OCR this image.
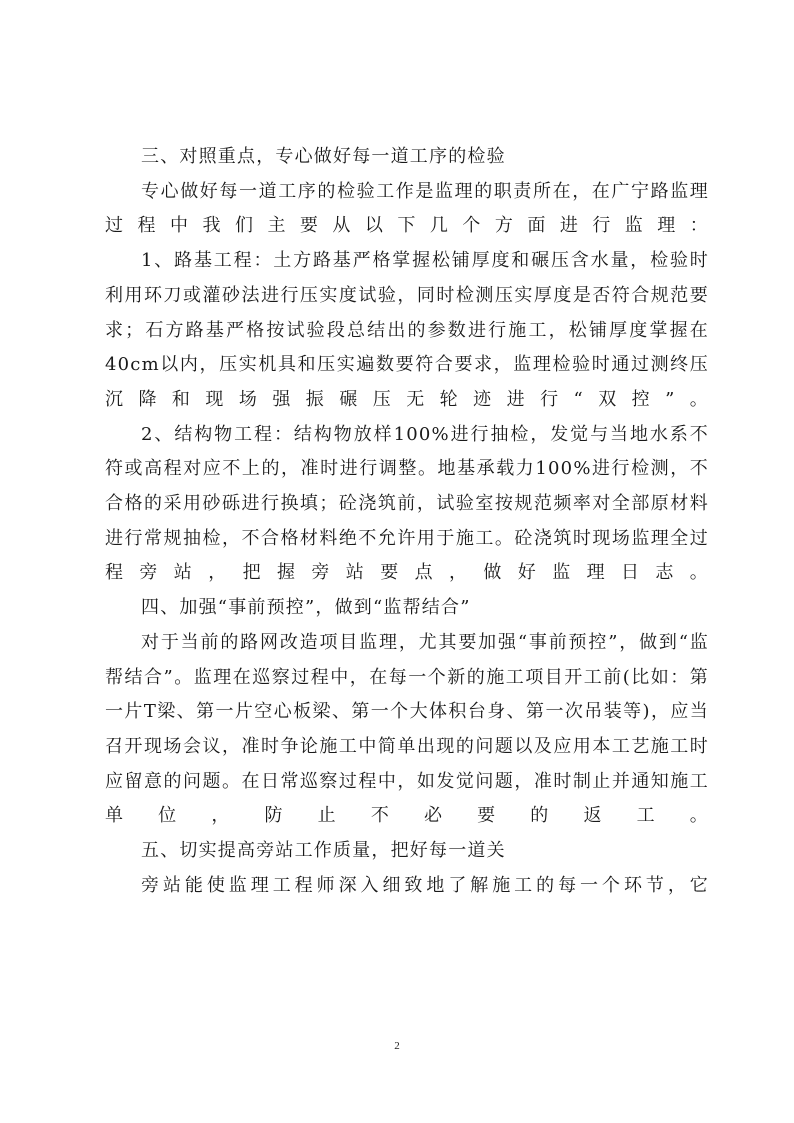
三、对照重点，专心做好每一道工序的检验

专心做好每一道工序的检验工作是监理的职责所在，在广宁路监理过程中我们主要从以下几个方面进行监理：

1、路基工程：土方路基严格掌握松铺厚度和碾压含水量，检验时利用环刀或灌砂法进行压实度试验，同时检测压实厚度是否符合规范要求；石方路基严格按试验段总结出的参数进行施工，松铺厚度掌握在40cm以内，压实机具和压实遍数要符合要求，监理检验时通过测终压沉降和现场强振碾压无轮迹进行“双控”。

2、结构物工程：结构物放样100%进行抽检，发觉与当地水系不符或高程对应不上的，准时进行调整。地基承载力100%进行检测，不合格的采用砂砾进行换填；砼浇筑前，试验室按规范频率对全部原材料进行常规抽检，不合格材料绝不允许用于施工。砼浇筑时现场监理全过程旁站，把握旁站要点，做好监理日志。

四、加强“事前预控”，做到“监帮结合”

对于当前的路网改造项目监理，尤其要加强“事前预控”，做到“监帮结合”。监理在巡察过程中，在每一个新的施工项目开工前(比如：第一片T梁、第一片空心板梁、第一个大体积台身、第一次吊装等)，应当召开现场会议，准时争论施工中简单出现的问题以及应用本工艺施工时应留意的问题。在日常巡察过程中，如发觉问题，准时制止并通知施工单位，防止不必要的返工。

五、切实提高旁站工作质量，把好每一道关

旁站能使监理工程师深入细致地了解施工的每一个环节，它

2
